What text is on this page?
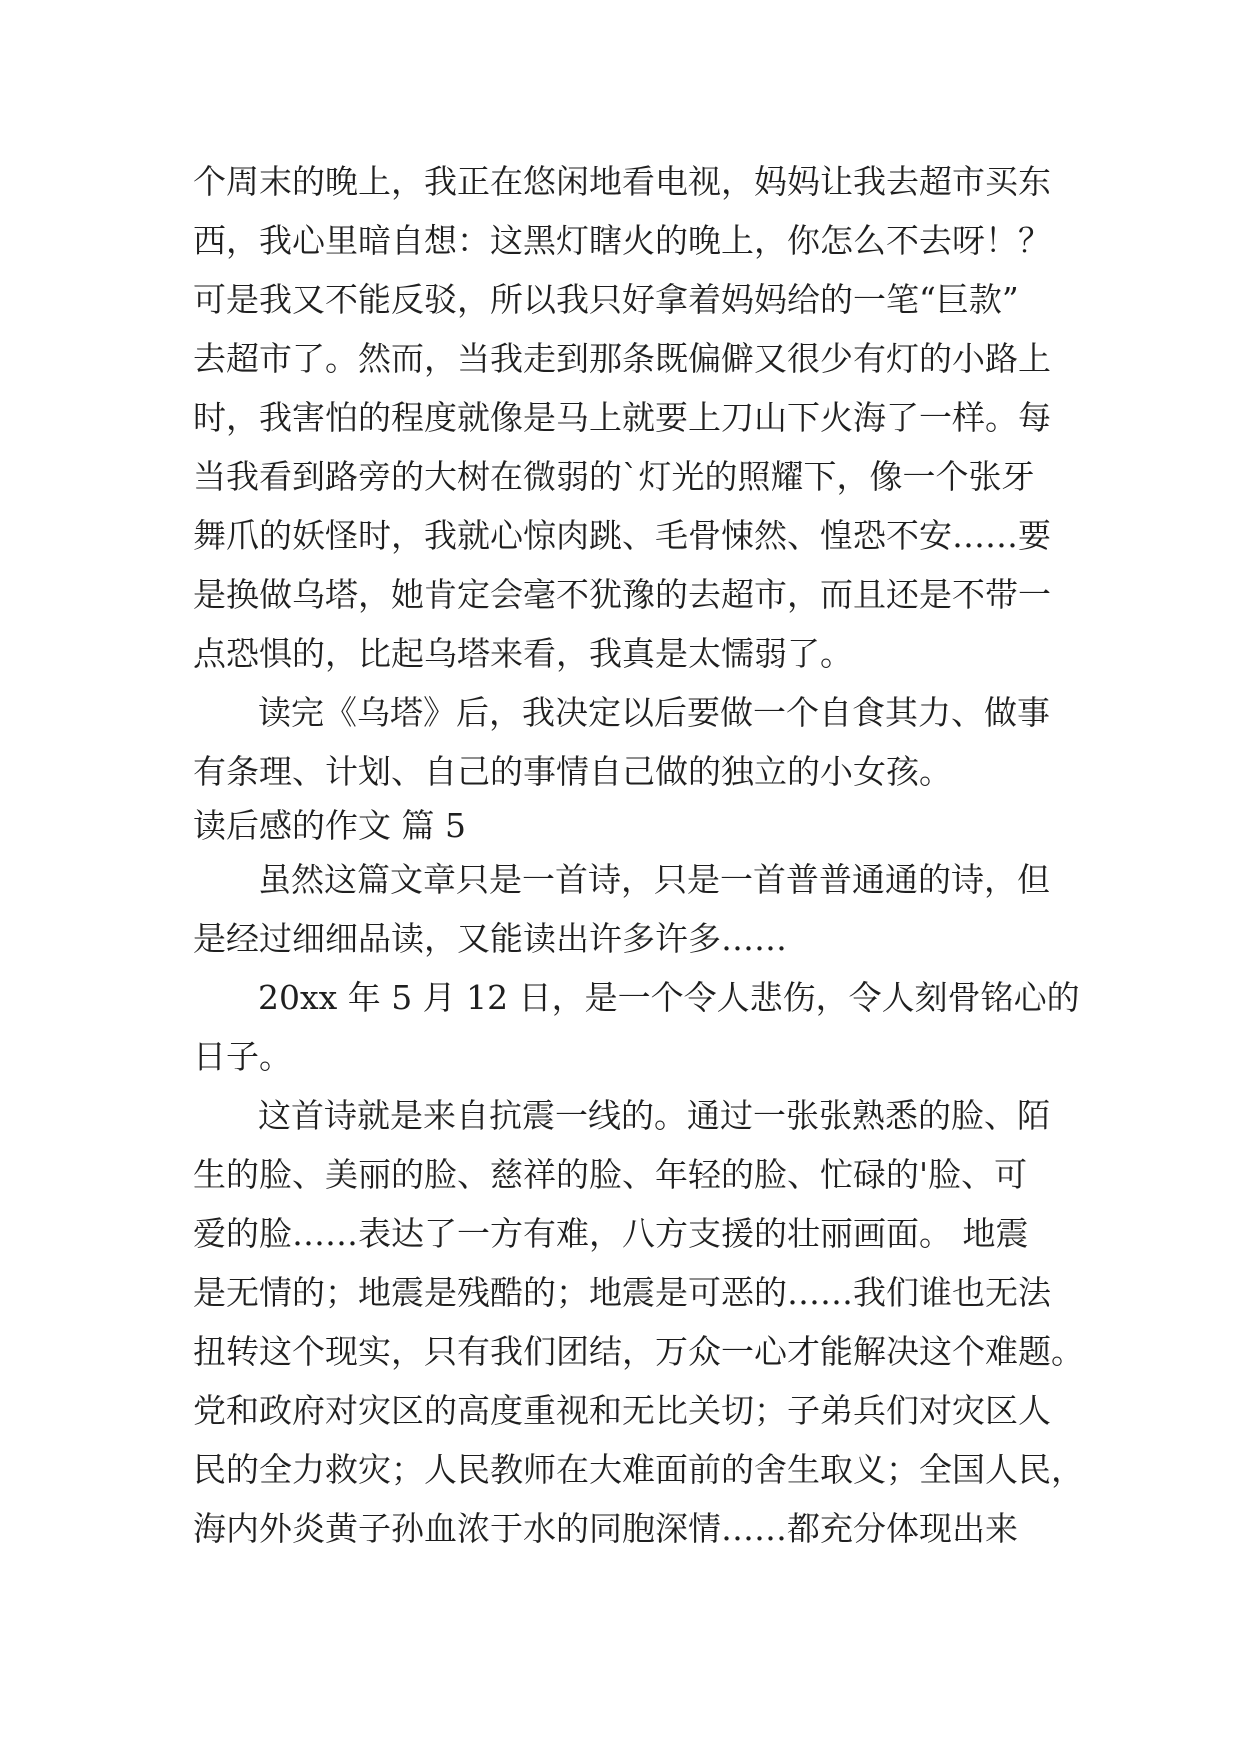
个周末的晚上，我正在悠闲地看电视，妈妈让我去超市买东
西，我心里暗自想：这黑灯瞎火的晚上，你怎么不去呀！？
可是我又不能反驳，所以我只好拿着妈妈给的一笔“巨款”
去超市了。然而，当我走到那条既偏僻又很少有灯的小路上
时，我害怕的程度就像是马上就要上刀山下火海了一样。每
当我看到路旁的大树在微弱的`灯光的照耀下，像一个张牙
舞爪的妖怪时，我就心惊肉跳、毛骨悚然、惶恐不安……要
是换做乌塔，她肯定会毫不犹豫的去超市，而且还是不带一
点恐惧的，比起乌塔来看，我真是太懦弱了。
读完《乌塔》后，我决定以后要做一个自食其力、做事
有条理、计划、自己的事情自己做的独立的小女孩。
读后感的作文 篇 5
虽然这篇文章只是一首诗，只是一首普普通通的诗，但
是经过细细品读，又能读出许多许多……
20xx 年 5 月 12 日，是一个令人悲伤，令人刻骨铭心的
日子。
这首诗就是来自抗震一线的。通过一张张熟悉的脸、陌
生的脸、美丽的脸、慈祥的脸、年轻的脸、忙碌的'脸、可
爱的脸……表达了一方有难，八方支援的壮丽画面。 地震
是无情的；地震是残酷的；地震是可恶的……我们谁也无法
扭转这个现实，只有我们团结，万众一心才能解决这个难题。
党和政府对灾区的高度重视和无比关切；子弟兵们对灾区人
民的全力救灾；人民教师在大难面前的舍生取义；全国人民，
海内外炎黄子孙血浓于水的同胞深情……都充分体现出来
